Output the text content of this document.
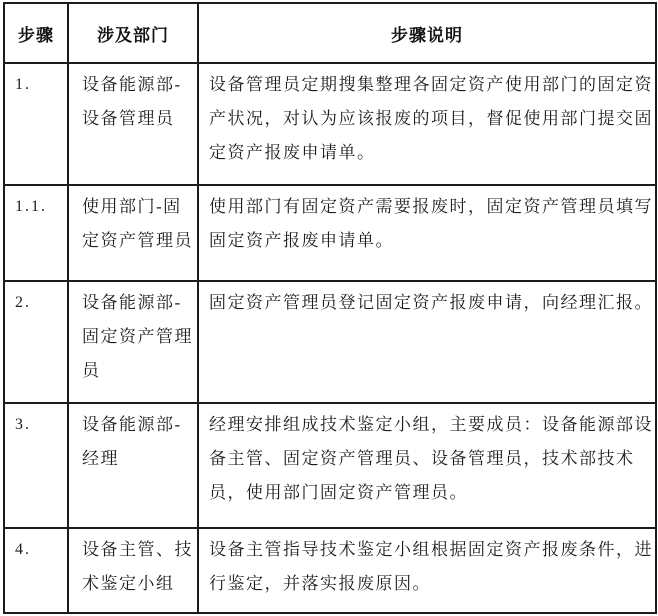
步骤	涉及部门	步骤说明
1.	设备能源部-设备管理员	设备管理员定期搜集整理各固定资产使用部门的固定资产状况，对认为应该报废的项目，督促使用部门提交固定资产报废申请单。
1.1.	使用部门-固定资产管理员	使用部门有固定资产需要报废时，固定资产管理员填写固定资产报废申请单。
2.	设备能源部-固定资产管理员	固定资产管理员登记固定资产报废申请，向经理汇报。
3.	设备能源部-经理	经理安排组成技术鉴定小组，主要成员：设备能源部设备主管、固定资产管理员、设备管理员，技术部技术员，使用部门固定资产管理员。
4.	设备主管、技术鉴定小组	设备主管指导技术鉴定小组根据固定资产报废条件，进行鉴定，并落实报废原因。
